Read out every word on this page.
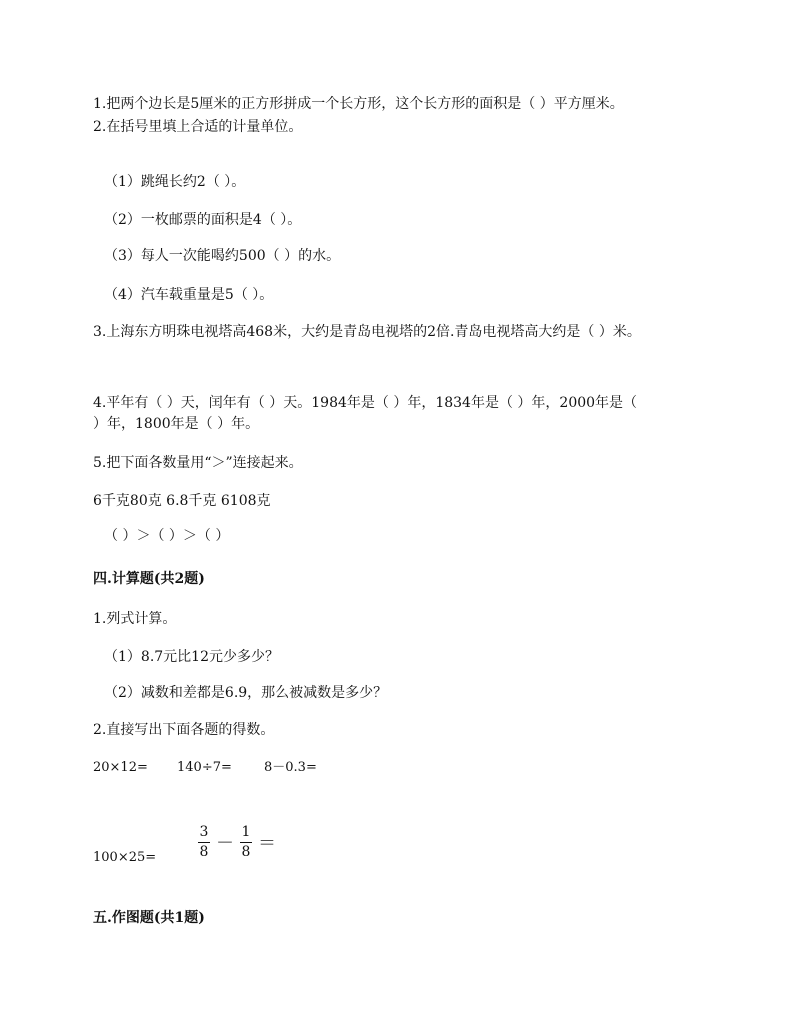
1.把两个边长是5厘米的正方形拼成一个长方形，这个长方形的面积是（ ）平方厘米。
2.在括号里填上合适的计量单位。
（1）跳绳长约2（ ）。
（2）一枚邮票的面积是4（ ）。
（3）每人一次能喝约500（ ）的水。
（4）汽车载重量是5（ ）。
3.上海东方明珠电视塔高468米，大约是青岛电视塔的2倍.青岛电视塔高大约是（ ）米。
4.平年有（ ）天，闰年有（ ）天。1984年是（ ）年，1834年是（ ）年，2000年是（
）年，1800年是（ ）年。
5.把下面各数量用“＞”连接起来。
6千克80克 6.8千克 6108克
（ ）＞（ ）＞（ ）
四.计算题(共2题)
1.列式计算。
（1）8.7元比12元少多少？
（2）减数和差都是6.9，那么被减数是多少？
2.直接写出下面各题的得数。
20×12= 140÷7= 8－0.3=
$\frac{3}{8} - \frac{1}{8}$ ＝
100×25=
五.作图题(共1题)
